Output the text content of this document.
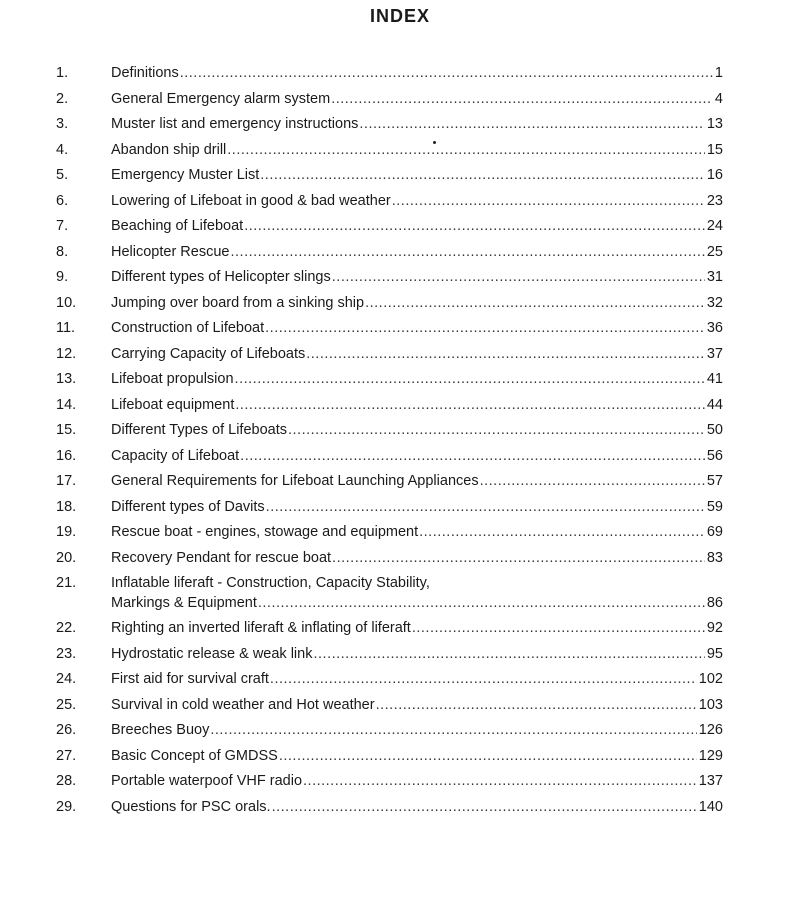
INDEX
1.	Definitions .....	1
2.	General Emergency alarm system .....	4
3.	Muster list and emergency instructions .....	13
4.	Abandon ship drill .....	15
5.	Emergency Muster List .....	16
6.	Lowering of Lifeboat in good & bad weather .....	23
7.	Beaching of Lifeboat .....	24
8.	Helicopter Rescue .....	25
9.	Different types of Helicopter slings .....	31
10.	Jumping over board from a sinking ship .....	32
11.	Construction of Lifeboat .....	36
12.	Carrying Capacity of Lifeboats .....	37
13.	Lifeboat propulsion .....	41
14.	Lifeboat equipment .....	44
15.	Different Types of Lifeboats .....	50
16.	Capacity of Lifeboat .....	56
17.	General Requirements for Lifeboat Launching Appliances .....	57
18.	Different types of Davits .....	59
19.	Rescue boat - engines, stowage and equipment .....	69
20.	Recovery Pendant for rescue boat .....	83
21.	Inflatable liferaft - Construction, Capacity Stability,
Markings & Equipment .....	86
22.	Righting an inverted liferaft & inflating of liferaft .....	92
23.	Hydrostatic release & weak link .....	95
24.	First aid for survival craft .....	102
25.	Survival in cold weather and Hot weather .....	103
26.	Breeches Buoy .....	126
27.	Basic Concept of GMDSS .....	129
28.	Portable waterpoof VHF radio .....	137
29.	Questions for PSC orals. .....	140
